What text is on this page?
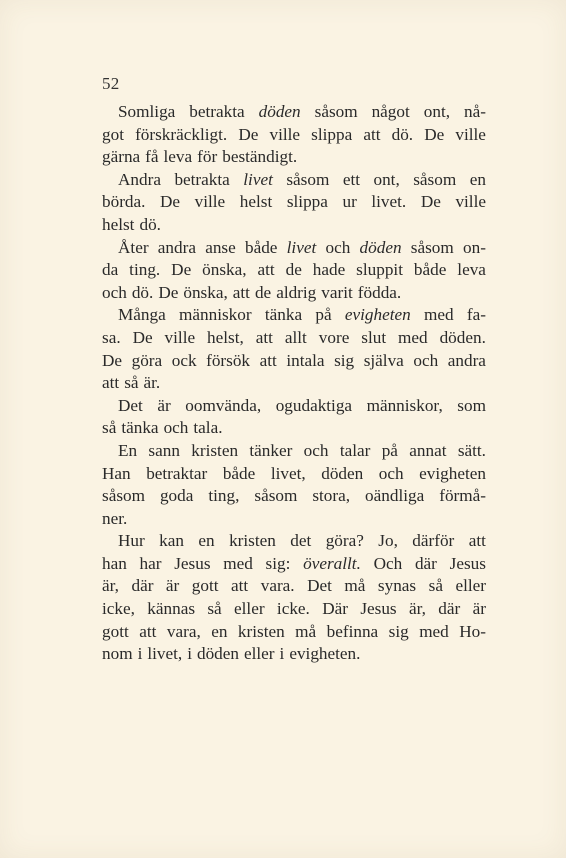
52
Somliga betrakta döden såsom något ont, nå-
got förskräckligt. De ville slippa att dö. De ville
gärna få leva för beständigt.
Andra betrakta livet såsom ett ont, såsom en
börda. De ville helst slippa ur livet. De ville
helst dö.
Åter andra anse både livet och döden såsom on-
da ting. De önska, att de hade sluppit både leva
och dö. De önska, att de aldrig varit födda.
Många människor tänka på evigheten med fa-
sa. De ville helst, att allt vore slut med döden.
De göra ock försök att intala sig själva och andra
att så är.
Det är oomvända, ogudaktiga människor, som
så tänka och tala.
En sann kristen tänker och talar på annat sätt.
Han betraktar både livet, döden och evigheten
såsom goda ting, såsom stora, oändliga förmå-
ner.
Hur kan en kristen det göra? Jo, därför att
han har Jesus med sig: överallt. Och där Jesus
är, där är gott att vara. Det må synas så eller
icke, kännas så eller icke. Där Jesus är, där är
gott att vara, en kristen må befinna sig med Ho-
nom i livet, i döden eller i evigheten.
